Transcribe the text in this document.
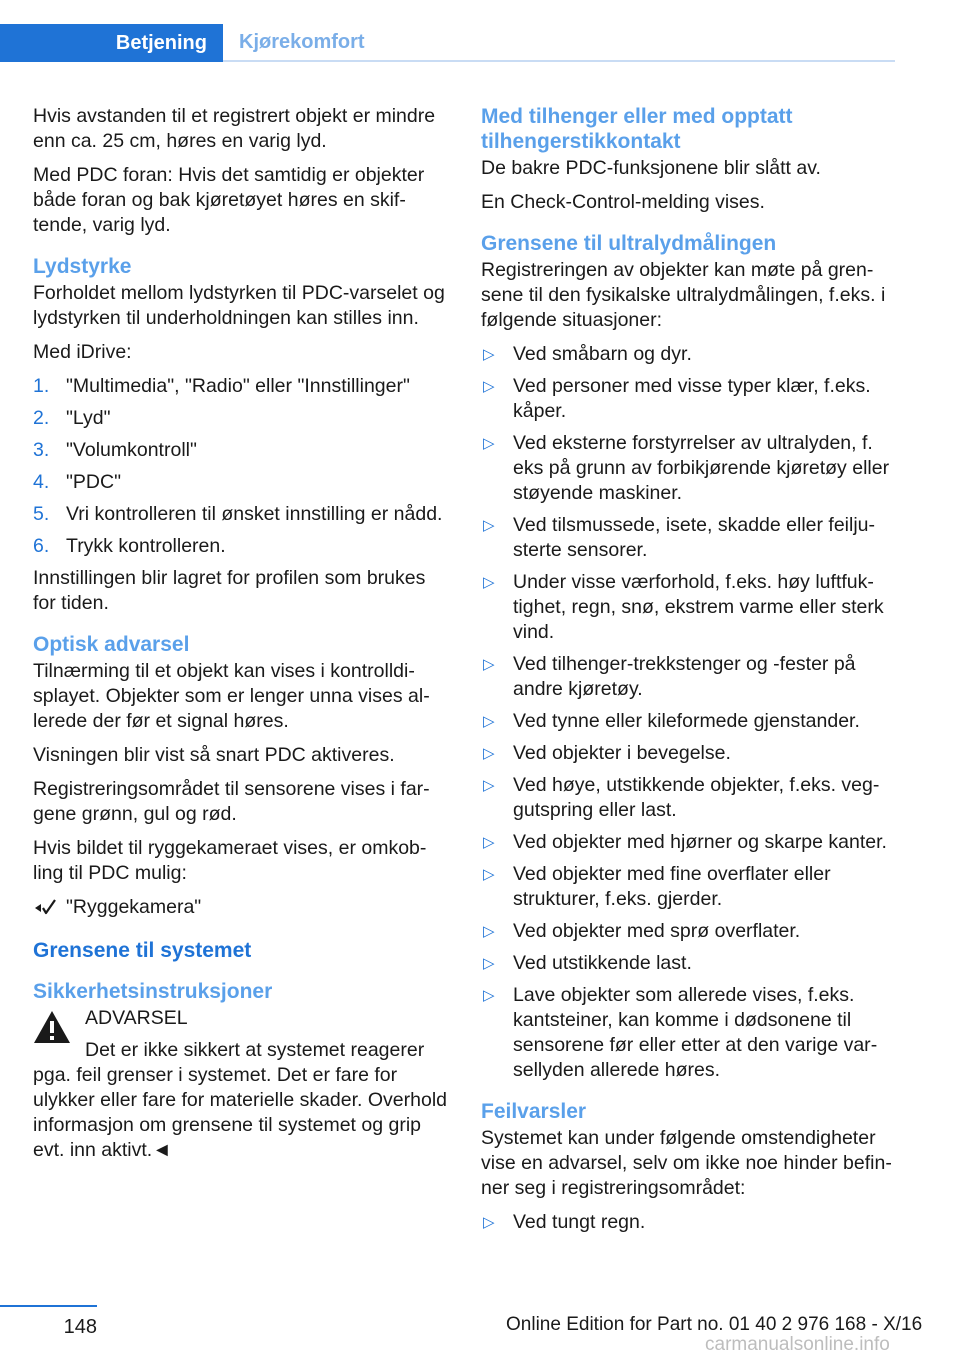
Betjening	Kjørekomfort

Hvis avstanden til et registrert objekt er mindre enn ca. 25 cm, høres en varig lyd.

Med PDC foran: Hvis det samtidig er objekter både foran og bak kjøretøyet høres en skiftende, varig lyd.

Lydstyrke

Forholdet mellom lydstyrken til PDC-varselet og lydstyrken til underholdningen kan stilles inn.

Med iDrive:

1. "Multimedia", "Radio" eller "Innstillinger"
2. "Lyd"
3. "Volumkontroll"
4. "PDC"
5. Vri kontrolleren til ønsket innstilling er nådd.
6. Trykk kontrolleren.

Innstillingen blir lagret for profilen som brukes for tiden.

Optisk advarsel

Tilnærming til et objekt kan vises i kontrolldisplayet. Objekter som er lenger unna vises allerede der før et signal høres.

Visningen blir vist så snart PDC aktiveres.

Registreringsområdet til sensorene vises i fargene grønn, gul og rød.

Hvis bildet til ryggekameraet vises, er omkobling til PDC mulig:

"Ryggekamera"
Grensene til systemet
Sikkerhetsinstruksjoner
ADVARSEL
Det er ikke sikkert at systemet reagerer

pga. feil grenser i systemet. Det er fare for ulykker eller fare for materielle skader. Overhold informasjon om grensene til systemet og grip evt. inn aktivt.◄

Med tilhenger eller med opptatt tilhengerstikkontakt

De bakre PDC-funksjonene blir slått av.

En Check-Control-melding vises.

Grensene til ultralydmålingen

Registreringen av objekter kan møte på grensene til den fysikalske ultralydmålingen, f.eks. i følgende situasjoner:

▷ Ved småbarn og dyr.
▷ Ved personer med visse typer klær, f.eks. kåper.
▷ Ved eksterne forstyrrelser av ultralyden, f. eks på grunn av forbikjørende kjøretøy eller støyende maskiner.
▷ Ved tilsmussede, isete, skadde eller feiljusterte sensorer.
▷ Under visse værforhold, f.eks. høy luftfuktighet, regn, snø, ekstrem varme eller sterk vind.
▷ Ved tilhenger-trekkstenger og -fester på andre kjøretøy.
▷ Ved tynne eller kileformede gjenstander.
▷ Ved objekter i bevegelse.
▷ Ved høye, utstikkende objekter, f.eks. veggutspring eller last.
▷ Ved objekter med hjørner og skarpe kanter.
▷ Ved objekter med fine overflater eller strukturer, f.eks. gjerder.
▷ Ved objekter med sprø overflater.
▷ Ved utstikkende last.
▷ Lave objekter som allerede vises, f.eks. kantsteiner, kan komme i dødsonene til sensorene før eller etter at den varige varsellyden allerede høres.
Feilvarsler

Systemet kan under følgende omstendigheter vise en advarsel, selv om ikke noe hinder befinner seg i registreringsområdet:

▷ Ved tungt regn.
148	Online Edition for Part no. 01 40 2 976 168 - X/16
carmanualsonline.info
